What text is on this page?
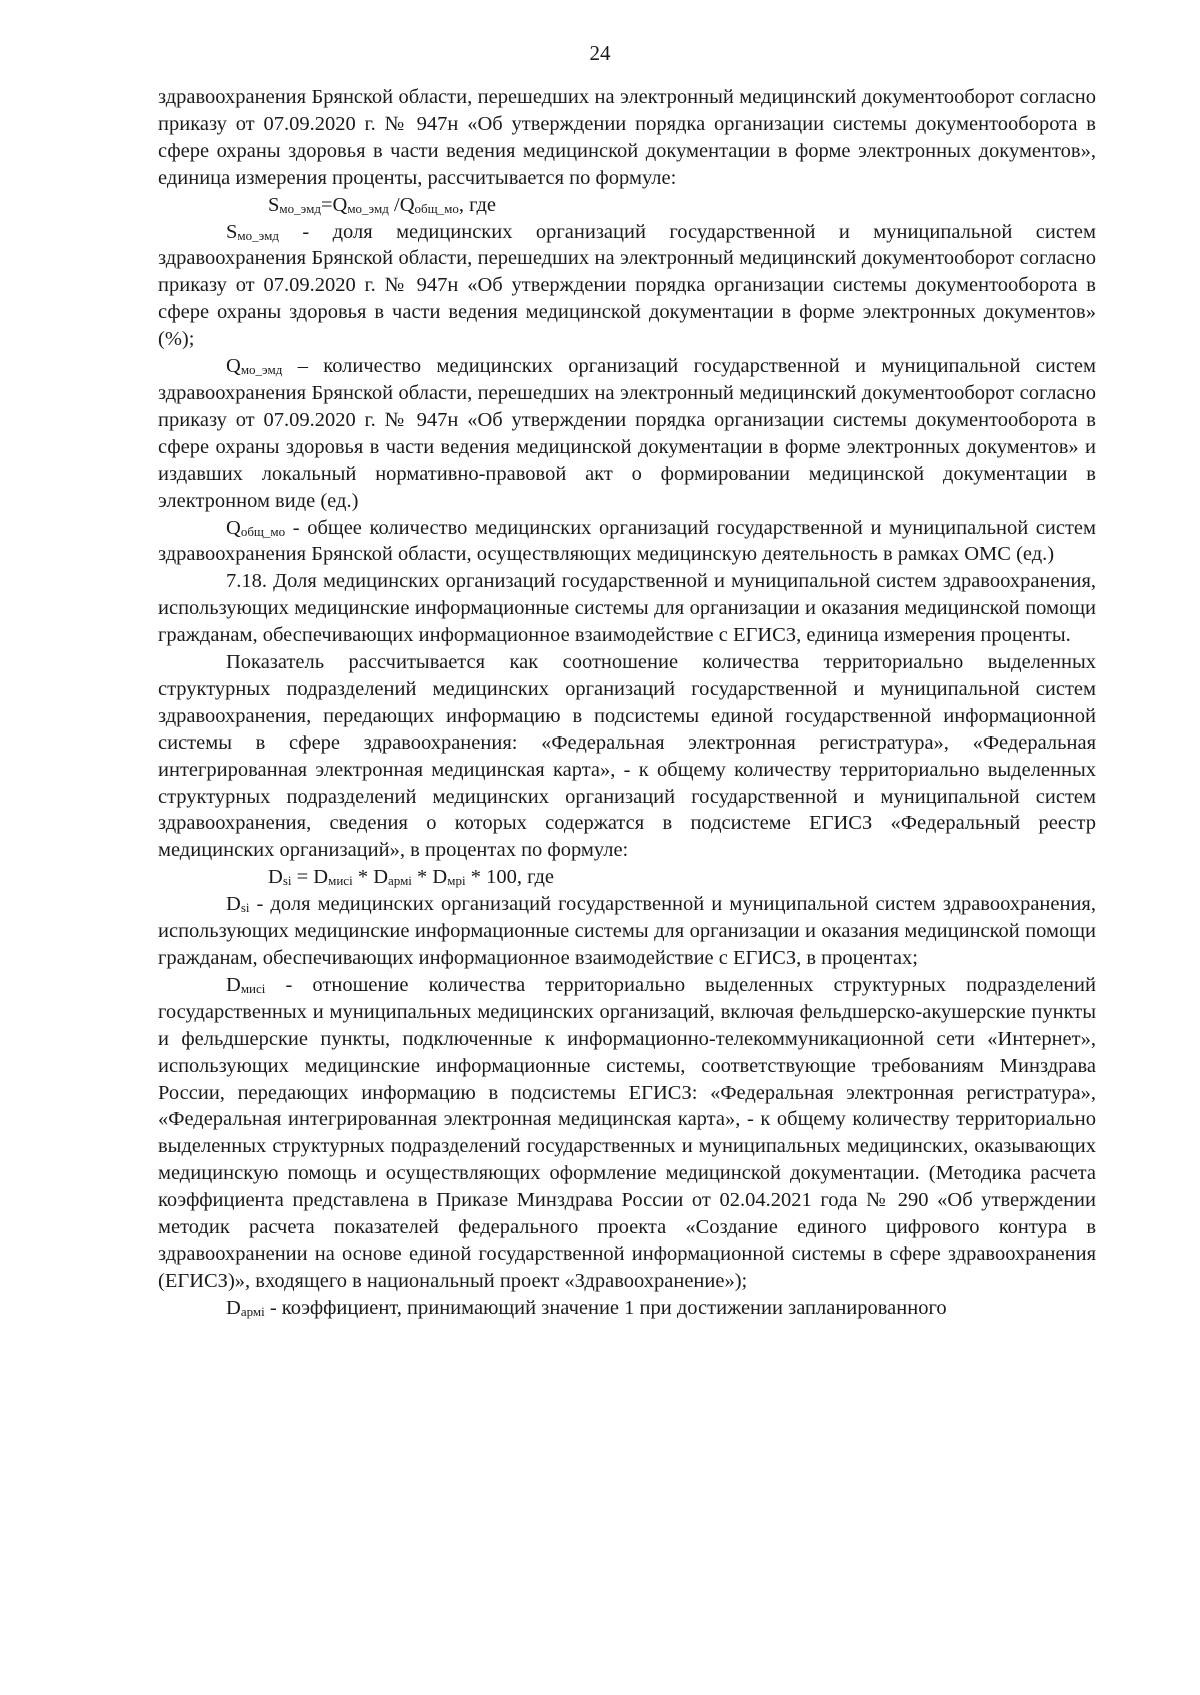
24

здравоохранения Брянской области, перешедших на электронный медицинский документооборот согласно приказу от 07.09.2020 г. № 947н «Об утверждении порядка организации системы документооборота в сфере охраны здоровья в части ведения медицинской документации в форме электронных документов», единица измерения проценты, рассчитывается по формуле:

$S_{мо\_эмд}=Q_{мо\_эмд}$ $/Q_{общ\_мо}$, где

$S_{мо\_эмд}$ - доля медицинских организаций государственной и муниципальной систем здравоохранения Брянской области, перешедших на электронный медицинский документооборот согласно приказу от 07.09.2020 г. № 947н «Об утверждении порядка организации системы документооборота в сфере охраны здоровья в части ведения медицинской документации в форме электронных документов» (%);

$Q_{мо\_эмд}$ – количество медицинских организаций государственной и муниципальной систем здравоохранения Брянской области, перешедших на электронный медицинский документооборот согласно приказу от 07.09.2020 г. № 947н «Об утверждении порядка организации системы документооборота в сфере охраны здоровья в части ведения медицинской документации в форме электронных документов» и издавших локальный нормативно-правовой акт о формировании медицинской документации в электронном виде (ед.)

$Q_{общ\_мо}$ - общее количество медицинских организаций государственной и муниципальной систем здравоохранения Брянской области, осуществляющих медицинскую деятельность в рамках ОМС (ед.)

7.18. Доля медицинских организаций государственной и муниципальной систем здравоохранения, использующих медицинские информационные системы для организации и оказания медицинской помощи гражданам, обеспечивающих информационное взаимодействие с ЕГИСЗ, единица измерения проценты.

Показатель рассчитывается как соотношение количества территориально выделенных структурных подразделений медицинских организаций государственной и муниципальной систем здравоохранения, передающих информацию в подсистемы единой государственной информационной системы в сфере здравоохранения: «Федеральная электронная регистратура», «Федеральная интегрированная электронная медицинская карта», - к общему количеству территориально выделенных структурных подразделений медицинских организаций государственной и муниципальной систем здравоохранения, сведения о которых содержатся в подсистеме ЕГИСЗ «Федеральный реестр медицинских организаций», в процентах по формуле:

$D_{si} = D_{мисi} * D_{армi} * D_{мрi} * 100$, где

$D_{si}$ - доля медицинских организаций государственной и муниципальной систем здравоохранения, использующих медицинские информационные системы для организации и оказания медицинской помощи гражданам, обеспечивающих информационное взаимодействие с ЕГИСЗ, в процентах;

$D_{мисi}$ - отношение количества территориально выделенных структурных подразделений государственных и муниципальных медицинских организаций, включая фельдшерско-акушерские пункты и фельдшерские пункты, подключенные к информационно-телекоммуникационной сети «Интернет», использующих медицинские информационные системы, соответствующие требованиям Минздрава России, передающих информацию в подсистемы ЕГИСЗ: «Федеральная электронная регистратура», «Федеральная интегрированная электронная медицинская карта», - к общему количеству территориально выделенных структурных подразделений государственных и муниципальных медицинских, оказывающих медицинскую помощь и осуществляющих оформление медицинской документации. (Методика расчета коэффициента представлена в Приказе Минздрава России от 02.04.2021 года № 290 «Об утверждении методик расчета показателей федерального проекта «Создание единого цифрового контура в здравоохранении на основе единой государственной информационной системы в сфере здравоохранения (ЕГИСЗ)», входящего в национальный проект «Здравоохранение»);

$D_{армi}$ - коэффициент, принимающий значение 1 при достижении запланированного
